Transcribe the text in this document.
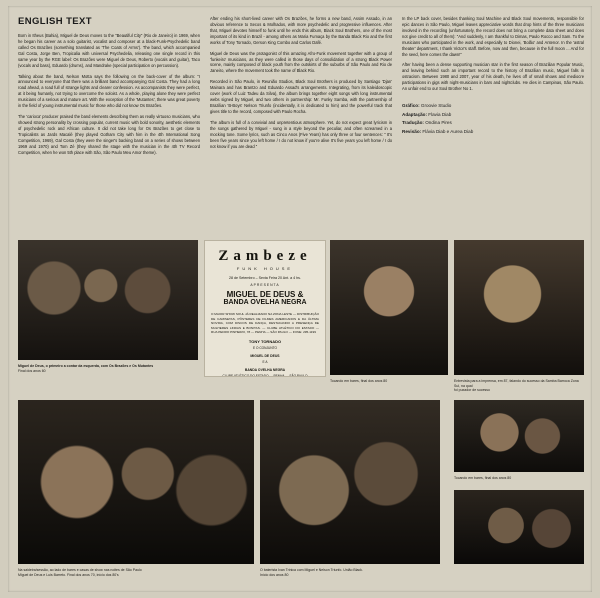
ENGLISH TEXT

Born in Itheus (Bahia), Miguel de Deus moves to the "Beautiful City" (Rio de Janeiro) in 1969, when he began his career as a solo guitarist, vocalist and composer at a black-Funk-Psychedelic band called Os Brazões (something translated as 'The Coats of Arms'). The band, which accompanied Gal Costa, Jorge Ben, Tropicalia with universal Psychedelia, releasing one single record in this same year by the RGE label: Os Brazões were Miguel de Deus, Roberto (vocals and guitar), Taco (vocals and bass), Eduardo (drums), and Mandrake (special participation on percussion).

Talking about the band, Nelson Motta says the following on the back-cover of the album: "I announced to everyone that there was a brilliant band accompanying Gal Costa. They had a long road ahead, a road full of strange lights and clearer confession. As accompanists they were perfect, at it being humanly, not trying to overcome the soloist. As a whole, playing alone they were perfect musicians of a serious and mature art. With the exception of the 'Mutantes', there was great poverty in the field of young instrumental music for those who did not know Os Brazões.

The 'carioca' producer praised the band elements describing them as really virtuoso musicians, who showed strong personality by crossing popular, current music with bold sonority, aesthetic elements of psychedelic rock and African culture. It did not take long for Os Brazões to get close to Tropicalists as Jards Macalé (they played Gotham City with him in the 4th International Song Competition, 1969), Gal Costa (they were the singer's backing band on a series of shows between 1969 and 1970) and Tom Zé (they shared the stage with the musician in the 4th TV Record Competition, when he won 5th place with São, São Paulo Meu Amor theme).

After ending his short-lived career with Os Brazões, he forms a new band, Assim Assado, in an obvious reference to Secos & Molhados, with more psychedelic and progressive influences. After that, Miguel devotes himself to funk until he ends this album, Black Soul Brothers, one of the most important of its kind in Brazil - among others as Maria Fumaça by the Banda Black Rio and the first works of Tony Tornado, Gerson King Combo and Carlos Dafé.

Miguel de Deus was the protagonist of this amazing Afro-Funk movement together with a group of 'funkeiro' musicians, as they were called in those days of consolidation of a strong Black Power scene, mainly composed of black youth from the outskirts of the suburbs of São Paulo and Rio de Janeiro, where the movement took the name of Black Rio.

Recorded in São Paulo, in Reunião Studios, Black Soul Brothers is produced by Santiago 'Djan' Mainara and has Brantzo and Eduardo Assad's arrangements. Integrating, from its kaleidoscopic cover (work of Luiz Tadeu da Silva), the album brings together eight songs with long instrumental webs signed by Miguel, and two others in partnership: Mr. Funky Samba, with the partnership of Brazilian 'B-Boys' Nelson Triunfo (incidentally, it is dedicated to him) and the powerful track that gives title to the record, composed with Paulo Rocha.

The album is full of a convivial and unpretentious atmosphere. Yet, do not expect great lyricism in the songs gathered by Miguel - sung in a style beyond the peculiar, and often screamed in a mocking tone. Some lyrics, such as Cinco Anos (Five Years) has only three or four sentences: " It's been five years since you left home / I do not know if you're alive It's five years you left home / I do not know if you are dead "

In the LP back cover, besides thanking Soul Machine and Black Soul movements, responsible for epic dances in São Paulo, Miguel leaves appreciative words that drop hints of the three musicians involved in the recording (unfortunately, the record does not bring a complete data sheet and does not give credit to all of them): "And suddenly, I am thankful to Dimas, Paulo Rocco and Sam. To the musicians who participated in the work, and especially to Dionei, 'Bolão' and Antenor. In the 'astral theater' department, I thank Victor's staff. Before, now and then, because in the full moon ... And for the seed, here comes the dawn!"

After having been a dense supporting musician star in the first season of Brazilian Popular Music, and leaving behind such an important record to the history of Brazilian music, Miguel falls in ostracism. Between 1980 and 2007, year of his death, he lives off of small shows and mediocre participations in gigs with night-musicians in bars and nightclubs. He dies in Campinas, São Paulo. An unfair end to our Soul Brother No 1.

Gráfico: Groovie Studio
Adaptação: Flavia Diab
Tradução: Ondina Pires
Revisão: Flávia Diab e Aurea Diab
Miguel de Deus, o primeiro a contar da esquerda, com Os Brazões e Os Mutantes
Final dos anos 60
Zambeze
FUNK HOUSE
28 de Setembro – Sexta Feira 20 Ant. a 4 hs.
APRESENTA
MIGUEL DE DEUS &
BANDA OVELHA NEGRA
O MAIOR SHOW SOUL JÁ REALIZADO NA ZONA LESTE — DISTRIBUIÇÃO DE CAMISETAS, PÔSTERES DE FILMES AMERICANOS E DA ÚLTIMA NOVIDA, COM DISCOS DE DANÇA, DESTACANDO A PRESENÇA DE MULHERES LINDAS E BONITAS. — CLUBE ATLÉTICO DO ESTADO — RUA PEDRO PINHEIRO, 78 — PENHA — SÃO PAULO — FONE: 295-1199
TONY TORNADO
E O CONJUNTO
MIGUEL DE DEUS
E A
BANDA OVELHA NEGRA
CLUBE ATLÉTICO DO ESTADO — PENHA — SÃO PAULO
Tocando em bares, final dos anos 80	Entrevista para a imprensa, em 87, falando do sucesso da Samba Barroca Zona Sul, na qual
foi puxador de sucesso
Na saideira/sessão, ao lado de bares e casas de show nas noites de São Paulo
Miguel de Deus e Luis Barreto. Final dos anos 70, início dos 80's
O baterista Ivan Trinica com Miguel e Nelson Triunfo. União Black.
Início dos anos 80
Tocando em bares, final dos anos 80
